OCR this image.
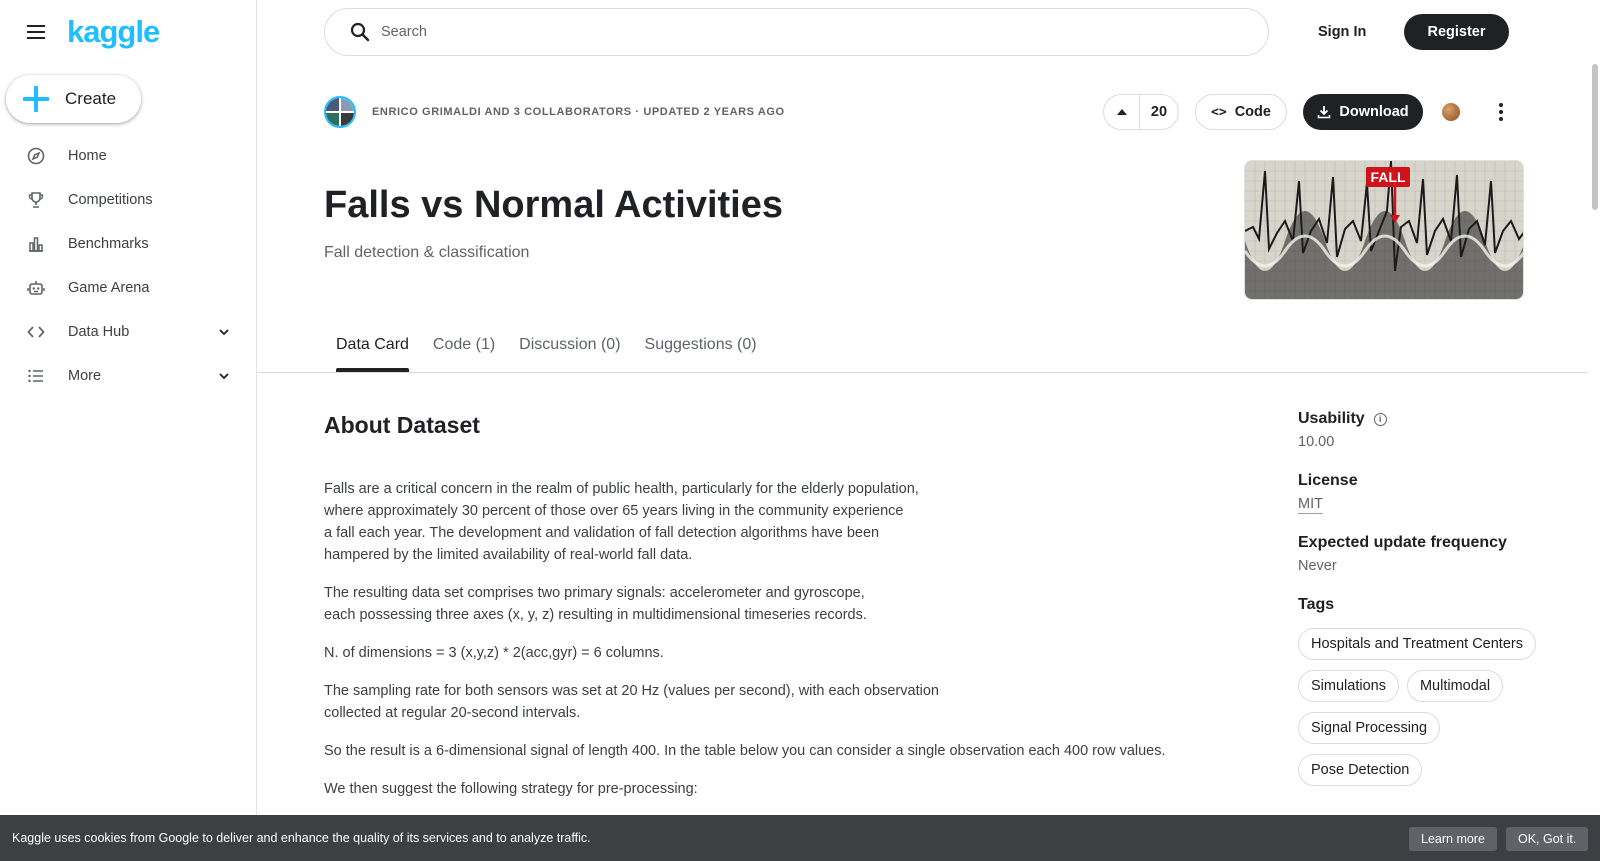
kaggle
Create
Home
Competitions
Benchmarks
Game Arena
Data Hub
More
Search
Sign In	Register
ENRICO GRIMALDI AND 3 COLLABORATORS · UPDATED 2 YEARS AGO	20	<> Code	Download
Falls vs Normal Activities
Fall detection & classification
FALL
Data Card	Code (1)	Discussion (0)	Suggestions (0)
About Dataset

Falls are a critical concern in the realm of public health, particularly for the elderly population,
where approximately 30 percent of those over 65 years living in the community experience
a fall each year. The development and validation of fall detection algorithms have been
hampered by the limited availability of real-world fall data.

The resulting data set comprises two primary signals: accelerometer and gyroscope,
each possessing three axes (x, y, z) resulting in multidimensional timeseries records.

N. of dimensions = 3 (x,y,z) * 2(acc,gyr) = 6 columns.

The sampling rate for both sensors was set at 20 Hz (values per second), with each observation
collected at regular 20-second intervals.

So the result is a 6-dimensional signal of length 400. In the table below you can consider a single observation each 400 row values.

We then suggest the following strategy for pre-processing:

Usability	i
10.00
License
MIT
Expected update frequency
Never
Tags
Hospitals and Treatment Centers
Simulations	Multimodal
Signal Processing
Pose Detection
Kaggle uses cookies from Google to deliver and enhance the quality of its services and to analyze traffic.	Learn more	OK, Got it.
